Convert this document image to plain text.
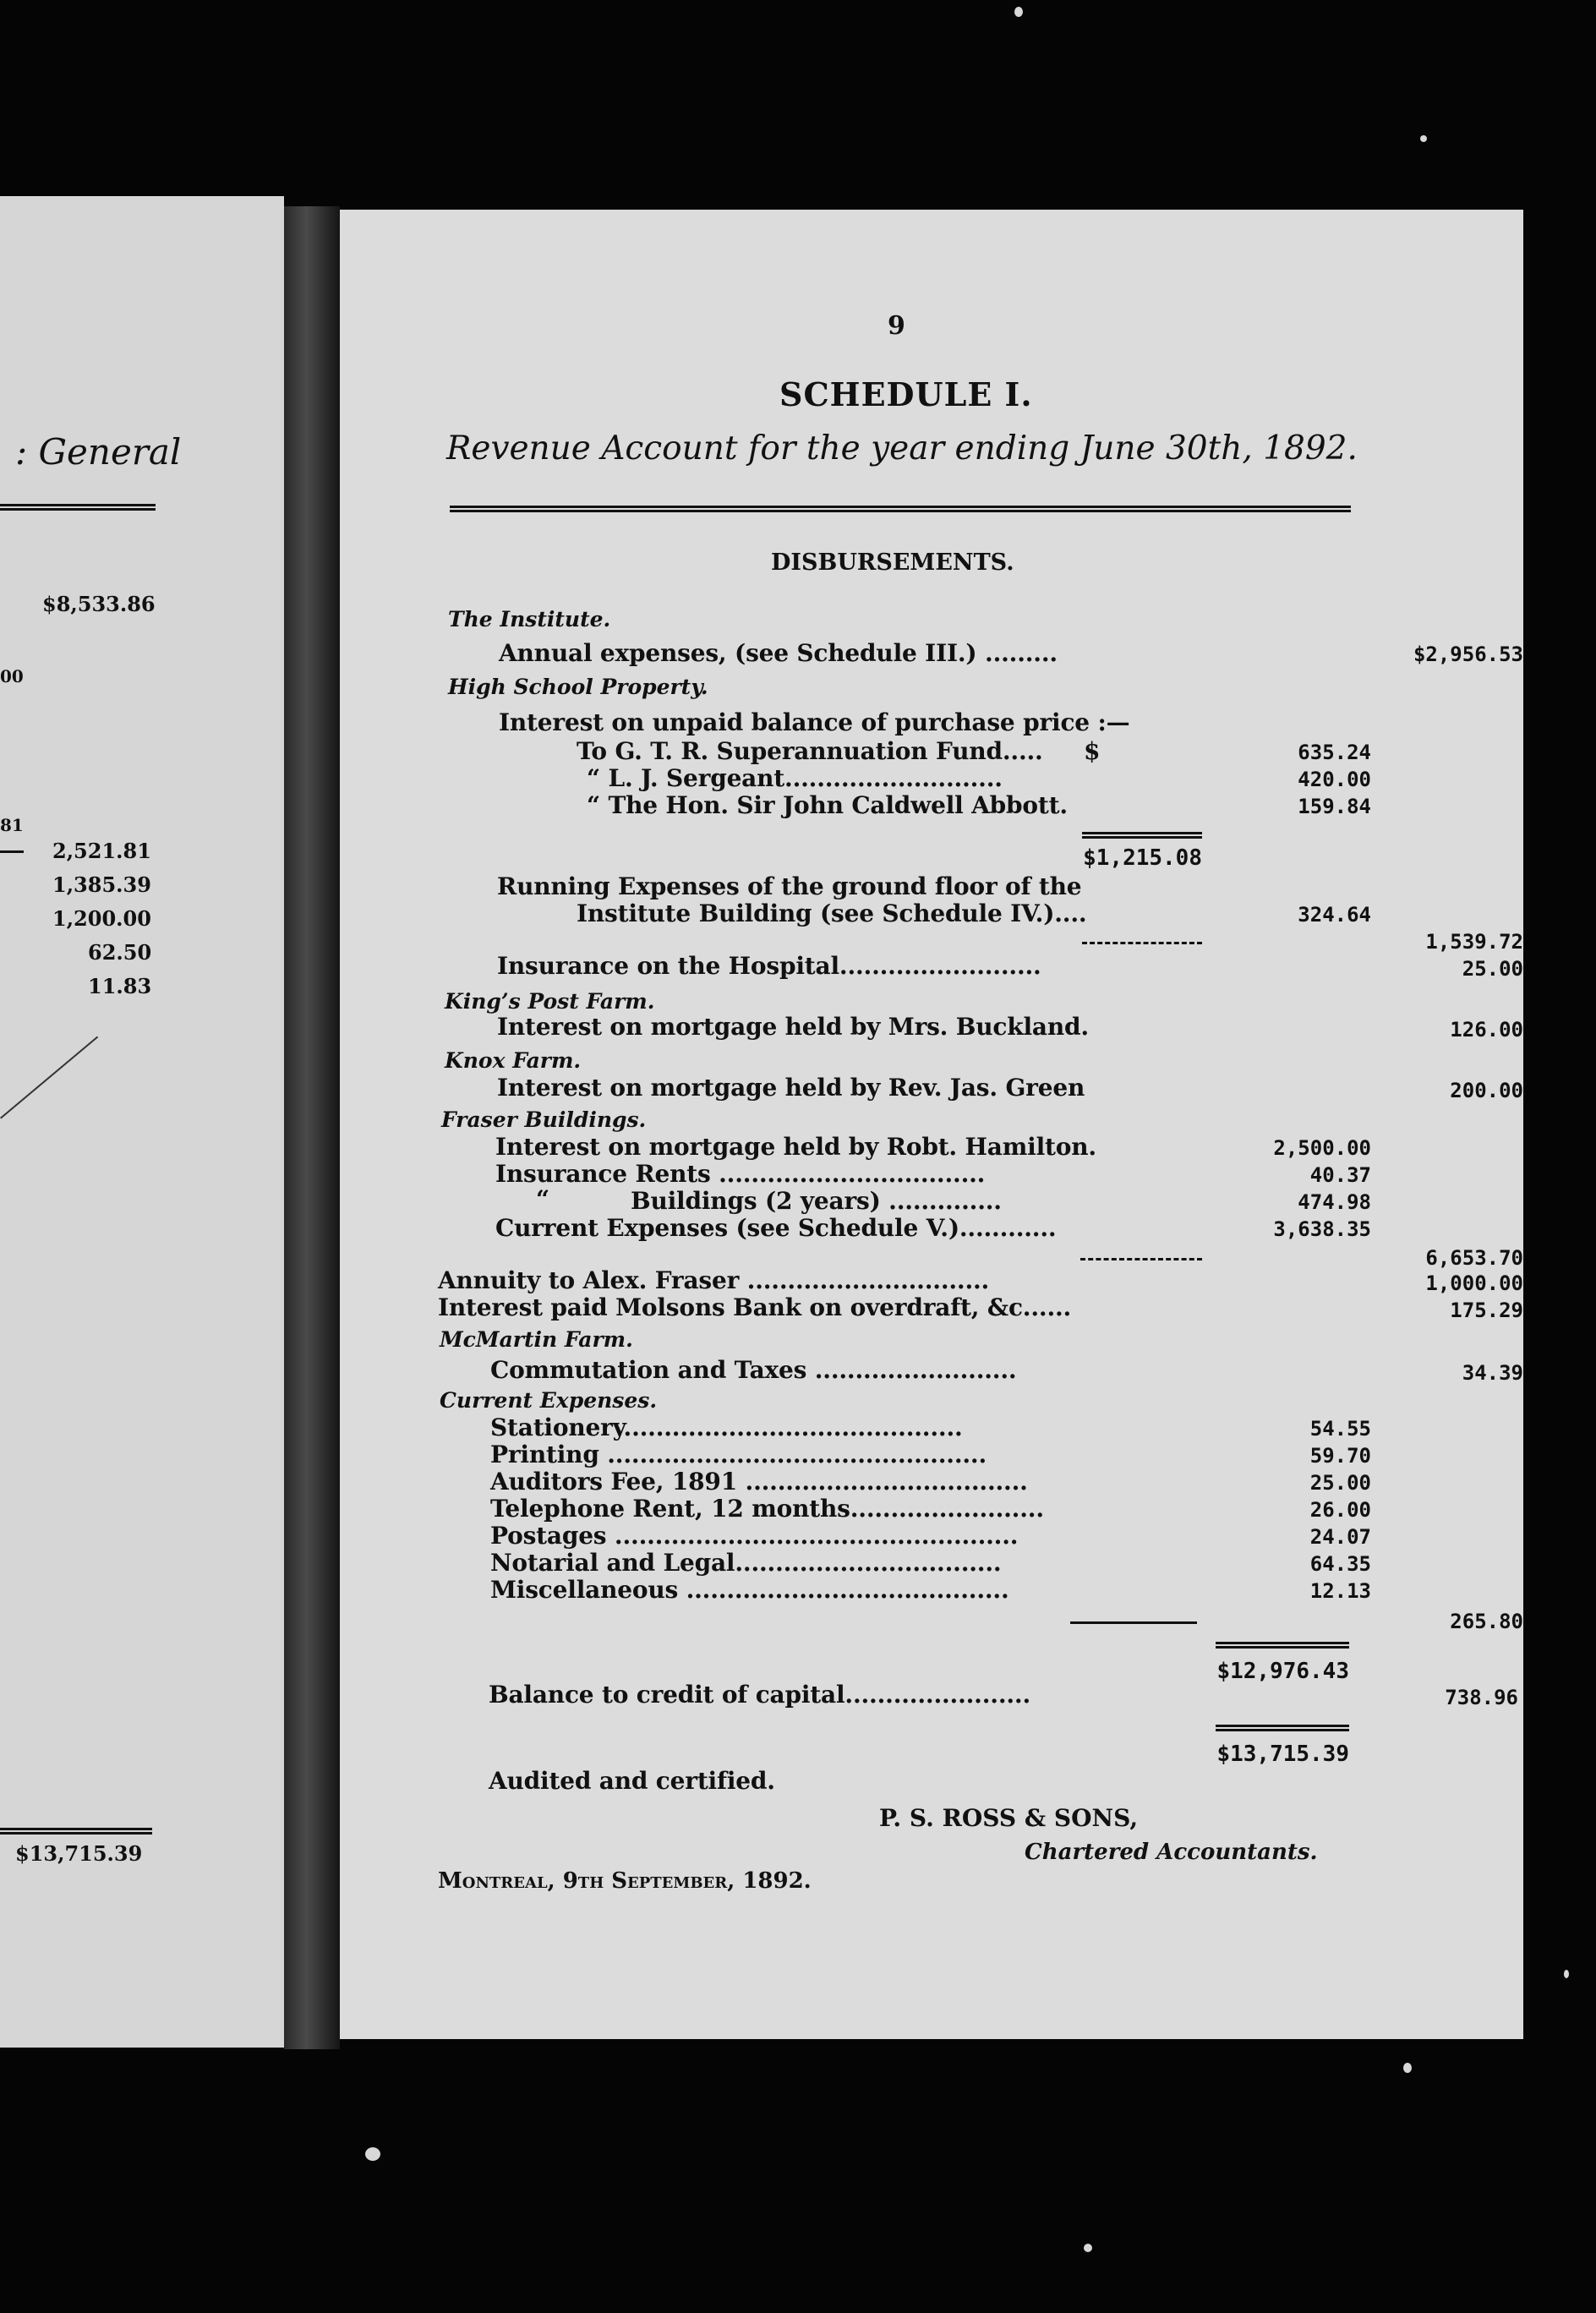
: General
$8,533.86
00
81
2,521.81
1,385.39
1,200.00
62.50
11.83
$13,715.39
9
SCHEDULE I.
Revenue Account for the year ending June 30th, 1892.
DISBURSEMENTS.
The Institute.
Annual expenses, (see Schedule III.) .........	$2,956.53
High School Property.
Interest on unpaid balance of purchase price :—
To G. T. R. Superannuation Fund..... $	635.24
“ L. J. Sergeant...........................	420.00
“ The Hon. Sir John Caldwell Abbott.	159.84
$1,215.08
Running Expenses of the ground floor of the
Institute Building (see Schedule IV.)....	324.64
1,539.72
Insurance on the Hospital.........................	25.00
King’s Post Farm.
Interest on mortgage held by Mrs. Buckland.	126.00
Knox Farm.
Interest on mortgage held by Rev. Jas. Green	200.00
Fraser Buildings.
Interest on mortgage held by Robt. Hamilton.	2,500.00
Insurance Rents .................................	40.37
“	Buildings (2 years) ..............	474.98
Current Expenses (see Schedule V.)............	3,638.35
6,653.70
Annuity to Alex. Fraser ..............................	1,000.00
Interest paid Molsons Bank on overdraft, &c......	175.29
McMartin Farm.
Commutation and Taxes .........................	34.39
Current Expenses.
Stationery..........................................	54.55
Printing ...............................................	59.70
Auditors Fee, 1891 ...................................	25.00
Telephone Rent, 12 months........................	26.00
Postages ..................................................	24.07
Notarial and Legal.................................	64.35
Miscellaneous ........................................	12.13
265.80
$12,976.43
Balance to credit of capital.......................	738.96
$13,715.39
Audited and certified.
P. S. ROSS & SONS,
Chartered Accountants.
Montreal, 9th September, 1892.
